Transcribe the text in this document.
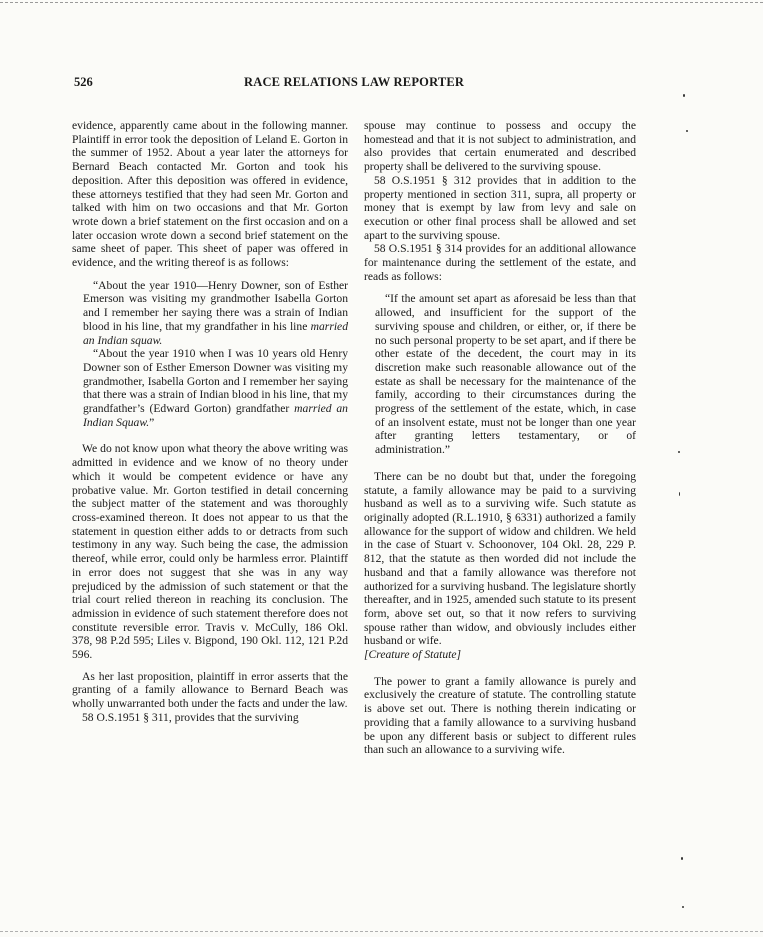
526	RACE RELATIONS LAW REPORTER

evidence, apparently came about in the following manner. Plaintiff in error took the deposition of Leland E. Gorton in the summer of 1952. About a year later the attorneys for Bernard Beach contacted Mr. Gorton and took his deposition. After this deposition was offered in evidence, these attorneys testified that they had seen Mr. Gorton and talked with him on two occasions and that Mr. Gorton wrote down a brief statement on the first occasion and on a later occasion wrote down a second brief statement on the same sheet of paper. This sheet of paper was offered in evidence, and the writing thereof is as follows:

“About the year 1910—Henry Downer, son of Esther Emerson was visiting my grandmother Isabella Gorton and I remember her saying there was a strain of Indian blood in his line, that my grandfather in his line married an Indian squaw.

“About the year 1910 when I was 10 years old Henry Downer son of Esther Emerson Downer was visiting my grandmother, Isabella Gorton and I remember her saying that there was a strain of Indian blood in his line, that my grandfather’s (Edward Gorton) grandfather married an Indian Squaw.”

We do not know upon what theory the above writing was admitted in evidence and we know of no theory under which it would be competent evidence or have any probative value. Mr. Gorton testified in detail concerning the subject matter of the statement and was thoroughly cross-examined thereon. It does not appear to us that the statement in question either adds to or detracts from such testimony in any way. Such being the case, the admission thereof, while error, could only be harmless error. Plaintiff in error does not suggest that she was in any way prejudiced by the admission of such statement or that the trial court relied thereon in reaching its conclusion. The admission in evidence of such statement therefore does not constitute reversible error. Travis v. McCully, 186 Okl. 378, 98 P.2d 595; Liles v. Bigpond, 190 Okl. 112, 121 P.2d 596.

As her last proposition, plaintiff in error asserts that the granting of a family allowance to Bernard Beach was wholly unwarranted both under the facts and under the law.

58 O.S.1951 § 311, provides that the surviving

spouse may continue to possess and occupy the homestead and that it is not subject to administration, and also provides that certain enumerated and described property shall be delivered to the surviving spouse.

58 O.S.1951 § 312 provides that in addition to the property mentioned in section 311, supra, all property or money that is exempt by law from levy and sale on execution or other final process shall be allowed and set apart to the surviving spouse.

58 O.S.1951 § 314 provides for an additional allowance for maintenance during the settlement of the estate, and reads as follows:

“If the amount set apart as aforesaid be less than that allowed, and insufficient for the support of the surviving spouse and children, or either, or, if there be no such personal property to be set apart, and if there be other estate of the decedent, the court may in its discretion make such reasonable allowance out of the estate as shall be necessary for the maintenance of the family, according to their circumstances during the progress of the settlement of the estate, which, in case of an insolvent estate, must not be longer than one year after granting letters testamentary, or of administration.”

There can be no doubt but that, under the foregoing statute, a family allowance may be paid to a surviving husband as well as to a surviving wife. Such statute as originally adopted (R.L.1910, § 6331) authorized a family allowance for the support of widow and children. We held in the case of Stuart v. Schoonover, 104 Okl. 28, 229 P. 812, that the statute as then worded did not include the husband and that a family allowance was therefore not authorized for a surviving husband. The legislature shortly thereafter, and in 1925, amended such statute to its present form, above set out, so that it now refers to surviving spouse rather than widow, and obviously includes either husband or wife.

[Creature of Statute]

The power to grant a family allowance is purely and exclusively the creature of statute. The controlling statute is above set out. There is nothing therein indicating or providing that a family allowance to a surviving husband be upon any different basis or subject to different rules than such an allowance to a surviving wife.
